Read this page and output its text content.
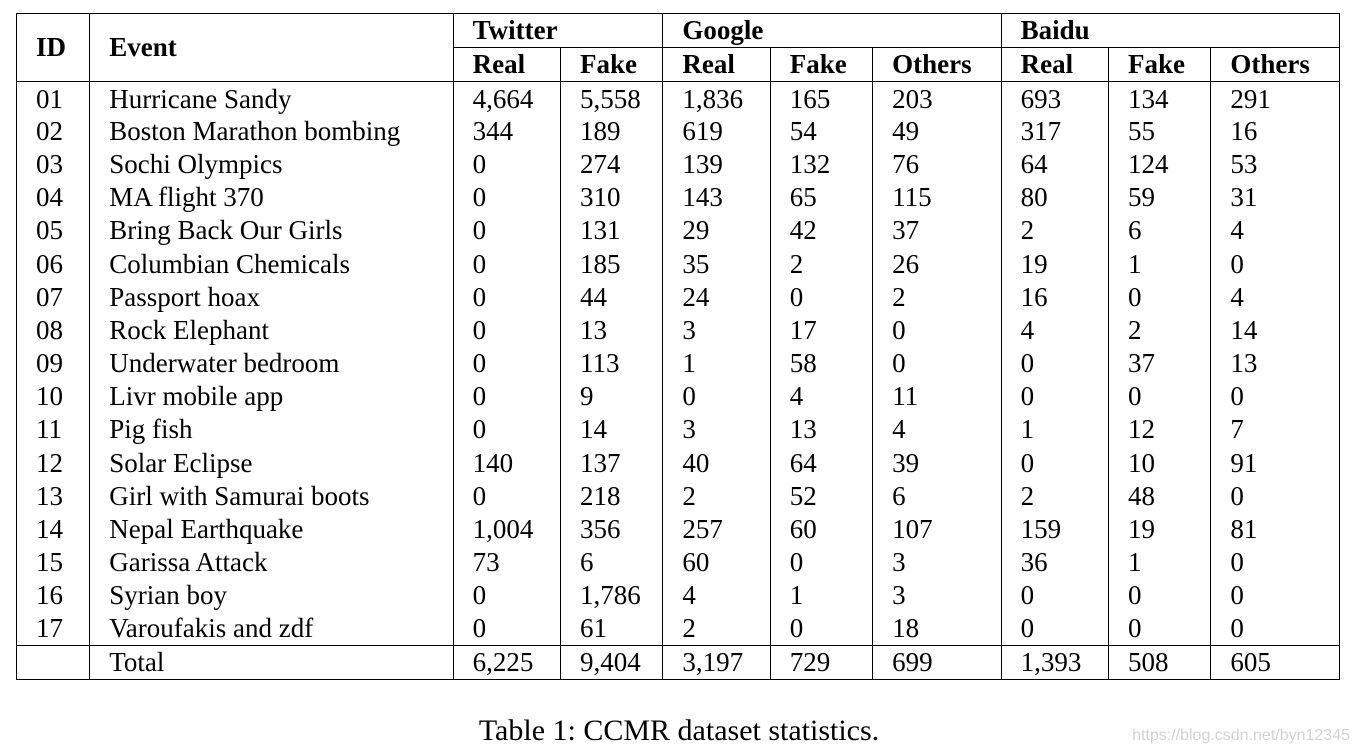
ID	Event	Twitter		Google			Baidu		
		Real	Fake	Real	Fake	Others	Real	Fake	Others
01	Hurricane Sandy	4,664	5,558	1,836	165	203	693	134	291
02	Boston Marathon bombing	344	189	619	54	49	317	55	16
03	Sochi Olympics	0	274	139	132	76	64	124	53
04	MA flight 370	0	310	143	65	115	80	59	31
05	Bring Back Our Girls	0	131	29	42	37	2	6	4
06	Columbian Chemicals	0	185	35	2	26	19	1	0
07	Passport hoax	0	44	24	0	2	16	0	4
08	Rock Elephant	0	13	3	17	0	4	2	14
09	Underwater bedroom	0	113	1	58	0	0	37	13
10	Livr mobile app	0	9	0	4	11	0	0	0
11	Pig fish	0	14	3	13	4	1	12	7
12	Solar Eclipse	140	137	40	64	39	0	10	91
13	Girl with Samurai boots	0	218	2	52	6	2	48	0
14	Nepal Earthquake	1,004	356	257	60	107	159	19	81
15	Garissa Attack	73	6	60	0	3	36	1	0
16	Syrian boy	0	1,786	4	1	3	0	0	0
17	Varoufakis and zdf	0	61	2	0	18	0	0	0
	Total	6,225	9,404	3,197	729	699	1,393	508	605
Table 1: CCMR dataset statistics.	https://blog.csdn.net/byn12345
